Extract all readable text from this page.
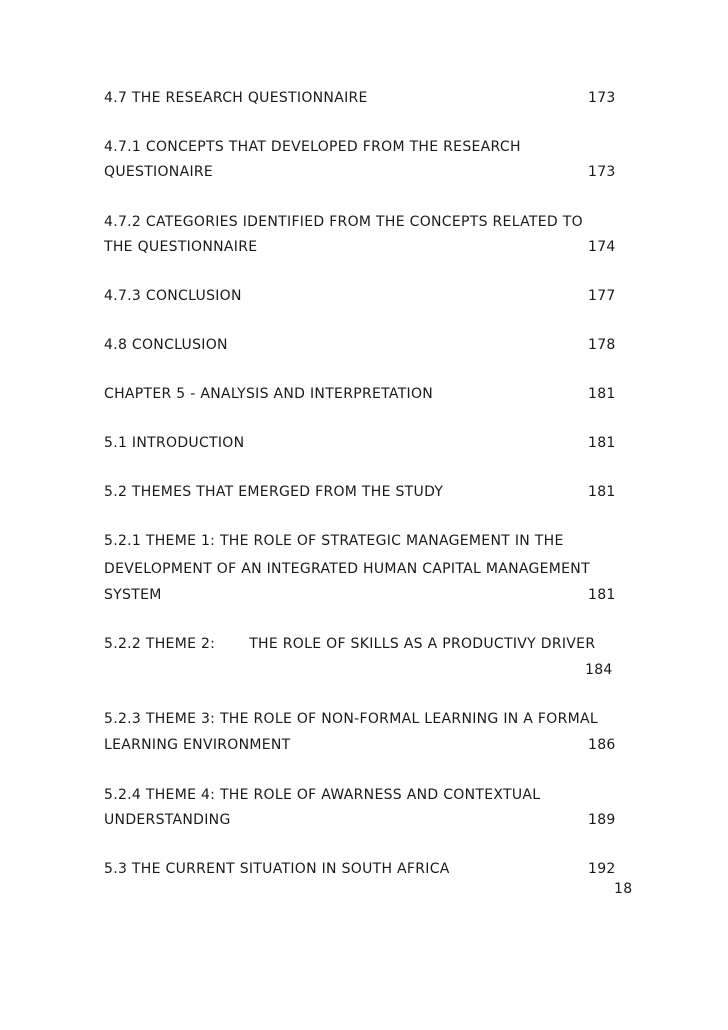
4.7 THE RESEARCH QUESTIONNAIRE	173
4.7.1 CONCEPTS THAT DEVELOPED FROM THE RESEARCH
QUESTIONAIRE	173
4.7.2 CATEGORIES IDENTIFIED FROM THE CONCEPTS RELATED TO
THE QUESTIONNAIRE	174
4.7.3 CONCLUSION	177
4.8 CONCLUSION	178
CHAPTER 5 - ANALYSIS AND INTERPRETATION	181
5.1 INTRODUCTION	181
5.2 THEMES THAT EMERGED FROM THE STUDY	181
5.2.1 THEME 1: THE ROLE OF STRATEGIC MANAGEMENT IN THE
DEVELOPMENT OF AN INTEGRATED HUMAN CAPITAL MANAGEMENT
SYSTEM	181
5.2.2 THEME 2: THE ROLE OF SKILLS AS A PRODUCTIVY DRIVER
184
5.2.3 THEME 3: THE ROLE OF NON-FORMAL LEARNING IN A FORMAL
LEARNING ENVIRONMENT	186
5.2.4 THEME 4: THE ROLE OF AWARNESS AND CONTEXTUAL
UNDERSTANDING	189
5.3 THE CURRENT SITUATION IN SOUTH AFRICA	192
18
